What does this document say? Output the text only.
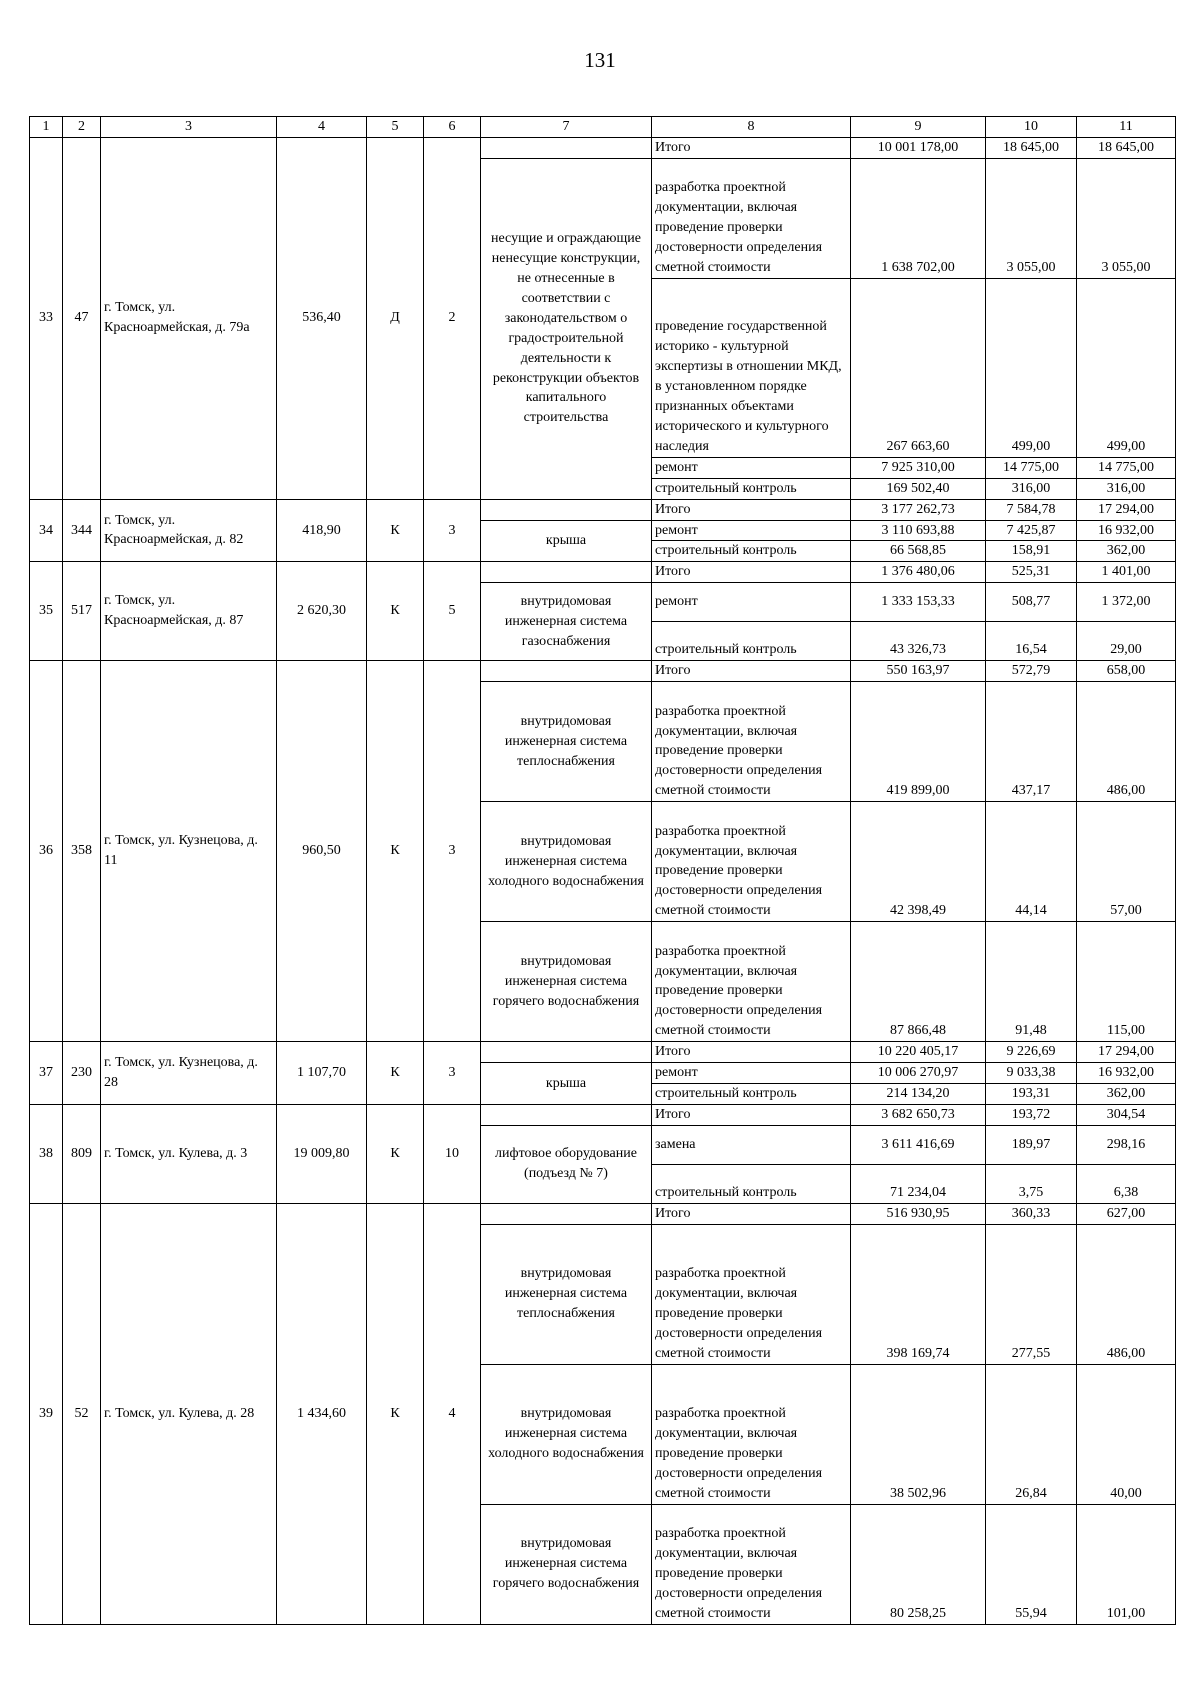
131
1	2	3	4	5	6	7	8	9	10	11
33	47	г. Томск, ул. Красноармейская, д. 79а	536,40	Д	2		Итого	10 001 178,00	18 645,00	18 645,00
						несущие и ограждающие ненесущие конструкции, не отнесенные в соответствии с законодательством о градостроительной деятельности к реконструкции объектов капитального строительства	разработка проектной документации, включая проведение проверки достоверности определения сметной стоимости	1 638 702,00	3 055,00	3 055,00
							проведение государственной историко - культурной экспертизы в отношении МКД, в установленном порядке признанных объектами исторического и культурного наследия	267 663,60	499,00	499,00
							ремонт	7 925 310,00	14 775,00	14 775,00
							строительный контроль	169 502,40	316,00	316,00
34	344	г. Томск, ул. Красноармейская, д. 82	418,90	К	3		Итого	3 177 262,73	7 584,78	17 294,00
						крыша	ремонт	3 110 693,88	7 425,87	16 932,00
							строительный контроль	66 568,85	158,91	362,00
35	517	г. Томск, ул. Красноармейская, д. 87	2 620,30	К	5		Итого	1 376 480,06	525,31	1 401,00
						внутридомовая инженерная система газоснабжения	ремонт	1 333 153,33	508,77	1 372,00
							строительный контроль	43 326,73	16,54	29,00
36	358	г. Томск, ул. Кузнецова, д. 11	960,50	К	3		Итого	550 163,97	572,79	658,00
						внутридомовая инженерная система теплоснабжения	разработка проектной документации, включая проведение проверки достоверности определения сметной стоимости	419 899,00	437,17	486,00
						внутридомовая инженерная система холодного водоснабжения	разработка проектной документации, включая проведение проверки достоверности определения сметной стоимости	42 398,49	44,14	57,00
						внутридомовая инженерная система горячего водоснабжения	разработка проектной документации, включая проведение проверки достоверности определения сметной стоимости	87 866,48	91,48	115,00
37	230	г. Томск, ул. Кузнецова, д. 28	1 107,70	К	3		Итого	10 220 405,17	9 226,69	17 294,00
						крыша	ремонт	10 006 270,97	9 033,38	16 932,00
							строительный контроль	214 134,20	193,31	362,00
38	809	г. Томск, ул. Кулева, д. 3	19 009,80	К	10		Итого	3 682 650,73	193,72	304,54
						лифтовое оборудование (подъезд № 7)	замена	3 611 416,69	189,97	298,16
							строительный контроль	71 234,04	3,75	6,38
39	52	г. Томск, ул. Кулева, д. 28	1 434,60	К	4		Итого	516 930,95	360,33	627,00
						внутридомовая инженерная система теплоснабжения	разработка проектной документации, включая проведение проверки достоверности определения сметной стоимости	398 169,74	277,55	486,00
						внутридомовая инженерная система холодного водоснабжения	разработка проектной документации, включая проведение проверки достоверности определения сметной стоимости	38 502,96	26,84	40,00
						внутридомовая инженерная система горячего водоснабжения	разработка проектной документации, включая проведение проверки достоверности определения сметной стоимости	80 258,25	55,94	101,00
